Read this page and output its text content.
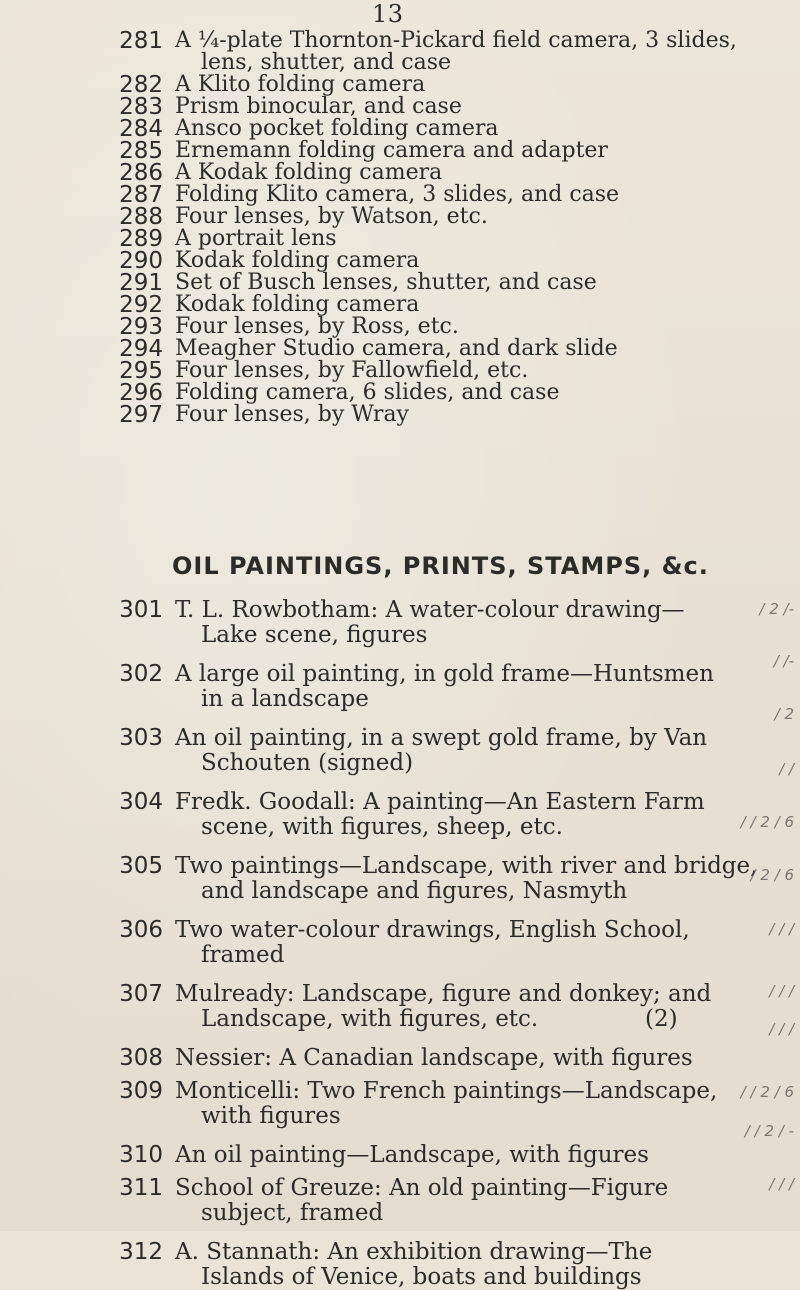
13
281 A ¼-plate Thornton-Pickard field camera, 3 slides,
lens, shutter, and case
282 A Klito folding camera
283 Prism binocular, and case
284 Ansco pocket folding camera
285 Ernemann folding camera and adapter
286 A Kodak folding camera
287 Folding Klito camera, 3 slides, and case
288 Four lenses, by Watson, etc.
289 A portrait lens
290 Kodak folding camera
291 Set of Busch lenses, shutter, and case
292 Kodak folding camera
293 Four lenses, by Ross, etc.
294 Meagher Studio camera, and dark slide
295 Four lenses, by Fallowfield, etc.
296 Folding camera, 6 slides, and case
297 Four lenses, by Wray
OIL PAINTINGS, PRINTS, STAMPS, &c.
301 T. L. Rowbotham: A water-colour drawing—
Lake scene, figures
302 A large oil painting, in gold frame—Huntsmen
in a landscape
303 An oil painting, in a swept gold frame, by Van
Schouten (signed)
304 Fredk. Goodall: A painting—An Eastern Farm
scene, with figures, sheep, etc.
305 Two paintings—Landscape, with river and bridge,
and landscape and figures, Nasmyth
306 Two water-colour drawings, English School,
framed
307 Mulready: Landscape, figure and donkey; and
Landscape, with figures, etc.	(2)
308 Nessier: A Canadian landscape, with figures
309 Monticelli: Two French paintings—Landscape,
with figures
310 An oil painting—Landscape, with figures
311 School of Greuze: An old painting—Figure
subject, framed
312 A. Stannath: An exhibition drawing—The
Islands of Venice, boats and buildings
/ 2 /-
/ /-
/ 2
/ /
/ / 2 / 6
/ 2 / 6
/ / /
/ / /
/ / /
/ / 2 / 6
/ / 2 / -
/ / /
